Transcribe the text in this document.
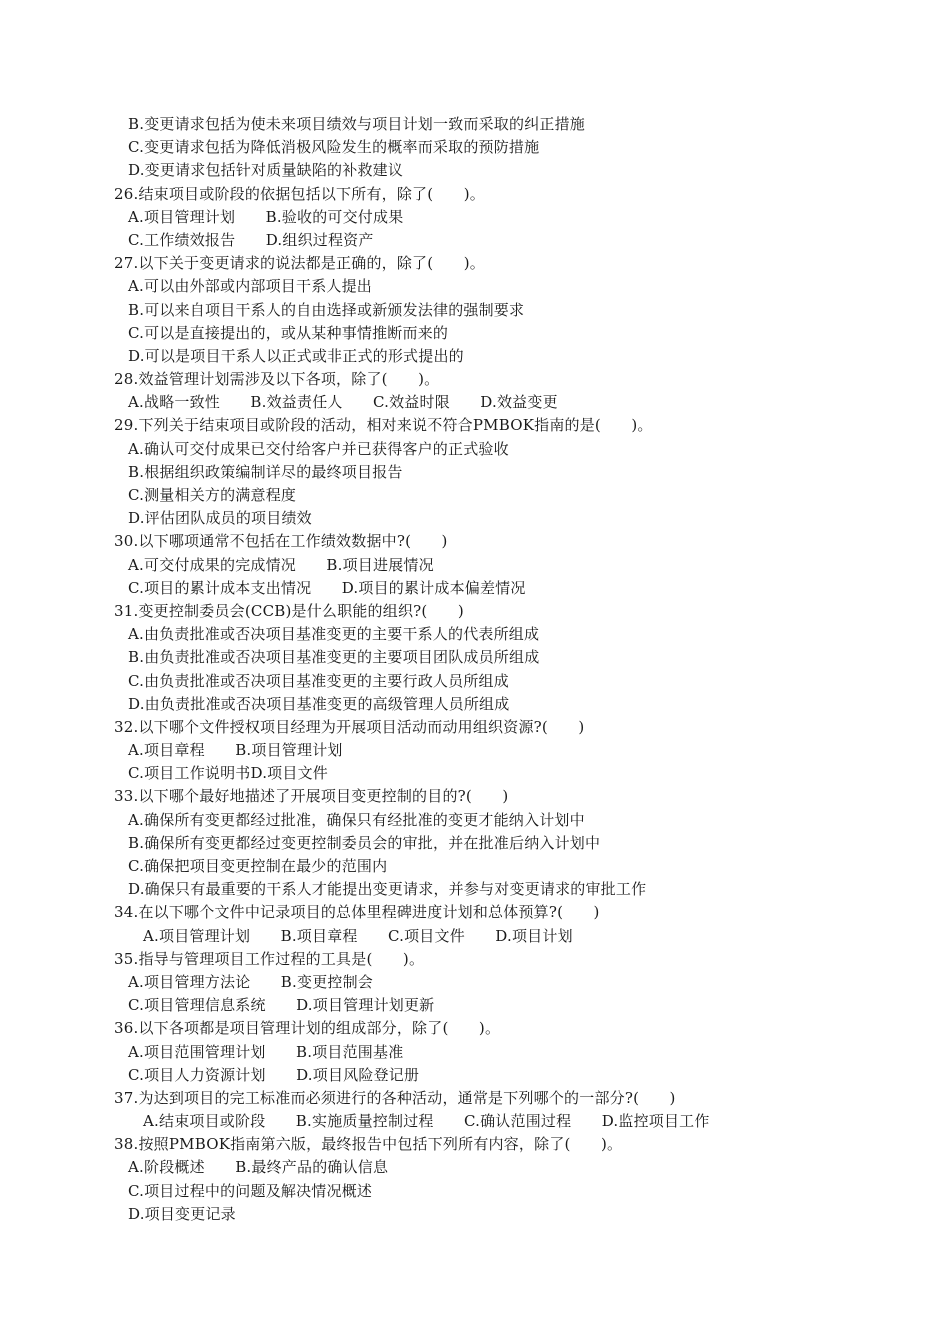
B.变更请求包括为使未来项目绩效与项目计划一致而采取的纠正措施
C.变更请求包括为降低消极风险发生的概率而采取的预防措施
D.变更请求包括针对质量缺陷的补救建议
26.结束项目或阶段的依据包括以下所有，除了(　　)。
A.项目管理计划　　B.验收的可交付成果
C.工作绩效报告　　D.组织过程资产
27.以下关于变更请求的说法都是正确的，除了(　　)。
A.可以由外部或内部项目干系人提出
B.可以来自项目干系人的自由选择或新颁发法律的强制要求
C.可以是直接提出的，或从某种事情推断而来的
D.可以是项目干系人以正式或非正式的形式提出的
28.效益管理计划需涉及以下各项，除了(　　)。
A.战略一致性　　B.效益责任人　　C.效益时限　　D.效益变更
29.下列关于结束项目或阶段的活动，相对来说不符合PMBOK指南的是(　　)。
A.确认可交付成果已交付给客户并已获得客户的正式验收
B.根据组织政策编制详尽的最终项目报告
C.测量相关方的满意程度
D.评估团队成员的项目绩效
30.以下哪项通常不包括在工作绩效数据中?(　　)
A.可交付成果的完成情况　　B.项目进展情况
C.项目的累计成本支出情况　　D.项目的累计成本偏差情况
31.变更控制委员会(CCB)是什么职能的组织?(　　)
A.由负责批准或否决项目基准变更的主要干系人的代表所组成
B.由负责批准或否决项目基准变更的主要项目团队成员所组成
C.由负责批准或否决项目基准变更的主要行政人员所组成
D.由负责批准或否决项目基准变更的高级管理人员所组成
32.以下哪个文件授权项目经理为开展项目活动而动用组织资源?(　　)
A.项目章程　　B.项目管理计划
C.项目工作说明书D.项目文件
33.以下哪个最好地描述了开展项目变更控制的目的?(　　)
A.确保所有变更都经过批准，确保只有经批准的变更才能纳入计划中
B.确保所有变更都经过变更控制委员会的审批，并在批准后纳入计划中
C.确保把项目变更控制在最少的范围内
D.确保只有最重要的干系人才能提出变更请求，并参与对变更请求的审批工作
34.在以下哪个文件中记录项目的总体里程碑进度计划和总体预算?(　　)
A.项目管理计划　　B.项目章程　　C.项目文件　　D.项目计划
35.指导与管理项目工作过程的工具是(　　)。
A.项目管理方法论　　B.变更控制会
C.项目管理信息系统　　D.项目管理计划更新
36.以下各项都是项目管理计划的组成部分，除了(　　)。
A.项目范围管理计划　　B.项目范围基准
C.项目人力资源计划　　D.项目风险登记册
37.为达到项目的完工标准而必须进行的各种活动，通常是下列哪个的一部分?(　　)
A.结束项目或阶段　　B.实施质量控制过程　　C.确认范围过程　　D.监控项目工作
38.按照PMBOK指南第六版，最终报告中包括下列所有内容，除了(　　)。
A.阶段概述　　B.最终产品的确认信息
C.项目过程中的问题及解决情况概述
D.项目变更记录
